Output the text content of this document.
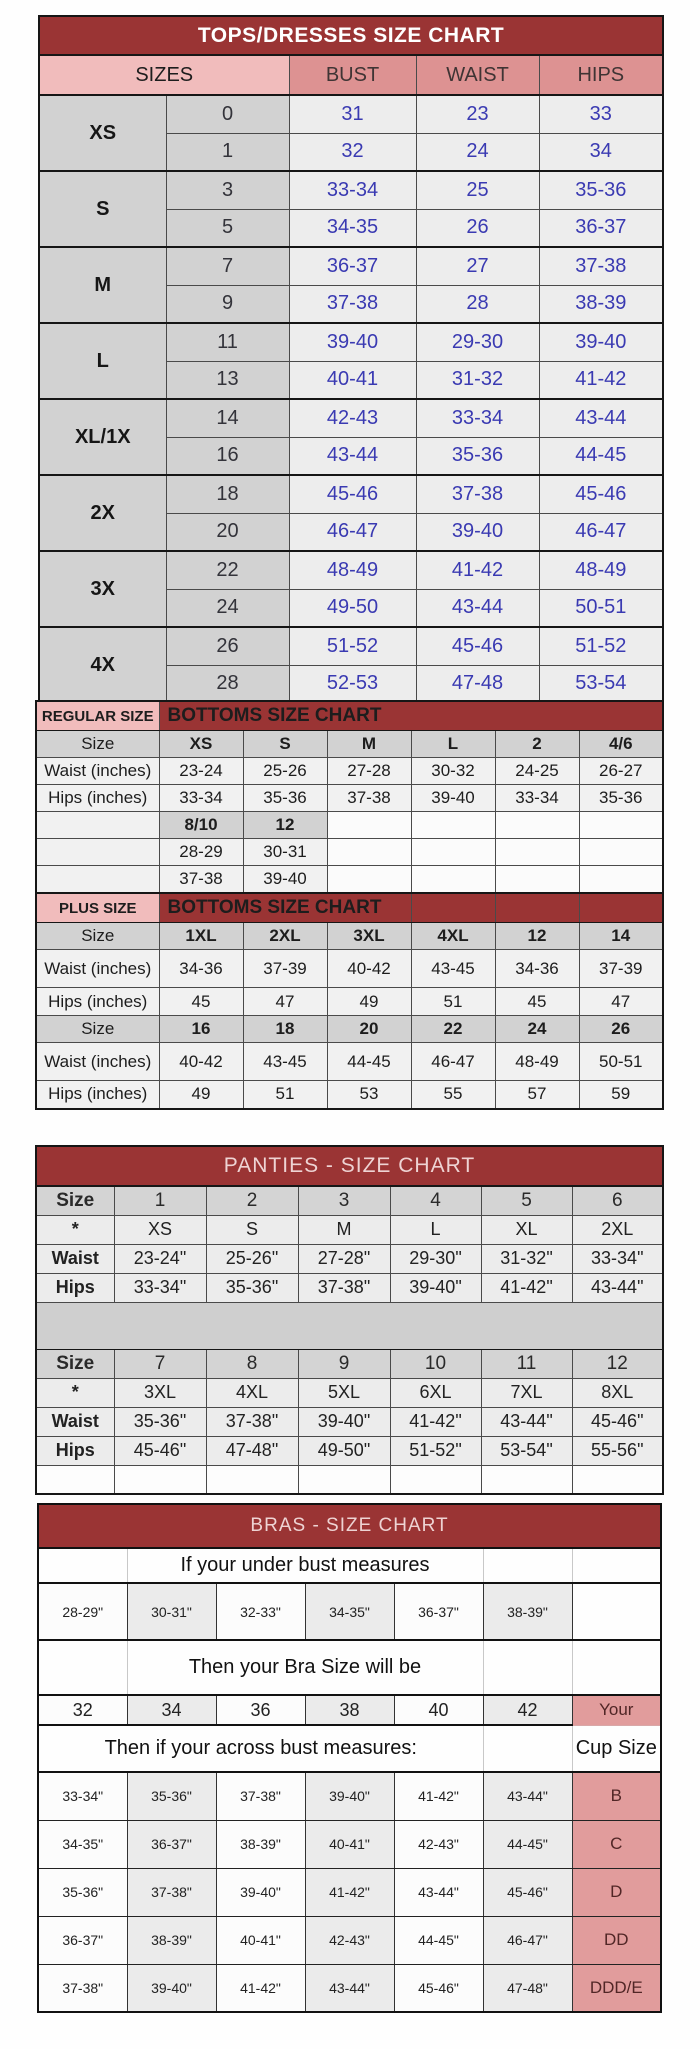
TOPS/DRESSES SIZE CHART				
SIZES		BUST	WAIST	HIPS
XS	0	31	23	33
	1	32	24	34
S	3	33-34	25	35-36
	5	34-35	26	36-37
M	7	36-37	27	37-38
	9	37-38	28	38-39
L	11	39-40	29-30	39-40
	13	40-41	31-32	41-42
XL/1X	14	42-43	33-34	43-44
	16	43-44	35-36	44-45
2X	18	45-46	37-38	45-46
	20	46-47	39-40	46-47
3X	22	48-49	41-42	48-49
	24	49-50	43-44	50-51
4X	26	51-52	45-46	51-52
	28	52-53	47-48	53-54
REGULAR SIZE	BOTTOMS SIZE CHART					
Size	XS	S	M	L	2	4/6
Waist (inches)	23-24	25-26	27-28	30-32	24-25	26-27
Hips (inches)	33-34	35-36	37-38	39-40	33-34	35-36
	8/10	12				
	28-29	30-31				
	37-38	39-40				
PLUS SIZE	BOTTOMS SIZE CHART					
Size	1XL	2XL	3XL	4XL	12	14
Waist (inches)	34-36	37-39	40-42	43-45	34-36	37-39
Hips (inches)	45	47	49	51	45	47
Size	16	18	20	22	24	26
Waist (inches)	40-42	43-45	44-45	46-47	48-49	50-51
Hips (inches)	49	51	53	55	57	59
PANTIES - SIZE CHART						
Size	1	2	3	4	5	6
*	XS	S	M	L	XL	2XL
Waist	23-24"	25-26"	27-28"	29-30"	31-32"	33-34"
Hips	33-34"	35-36"	37-38"	39-40"	41-42"	43-44"

Size	7	8	9	10	11	12
*	3XL	4XL	5XL	6XL	7XL	8XL
Waist	35-36"	37-38"	39-40"	41-42"	43-44"	45-46"
Hips	45-46"	47-48"	49-50"	51-52"	53-54"	55-56"

BRAS - SIZE CHART						
	If your under bust measures					
28-29"	30-31"	32-33"	34-35"	36-37"	38-39"	
	Then your Bra Size will be					
32	34	36	38	40	42	Your
Then if your across bust measures:						Cup Size
33-34"	35-36"	37-38"	39-40"	41-42"	43-44"	B
34-35"	36-37"	38-39"	40-41"	42-43"	44-45"	C
35-36"	37-38"	39-40"	41-42"	43-44"	45-46"	D
36-37"	38-39"	40-41"	42-43"	44-45"	46-47"	DD
37-38"	39-40"	41-42"	43-44"	45-46"	47-48"	DDD/E
